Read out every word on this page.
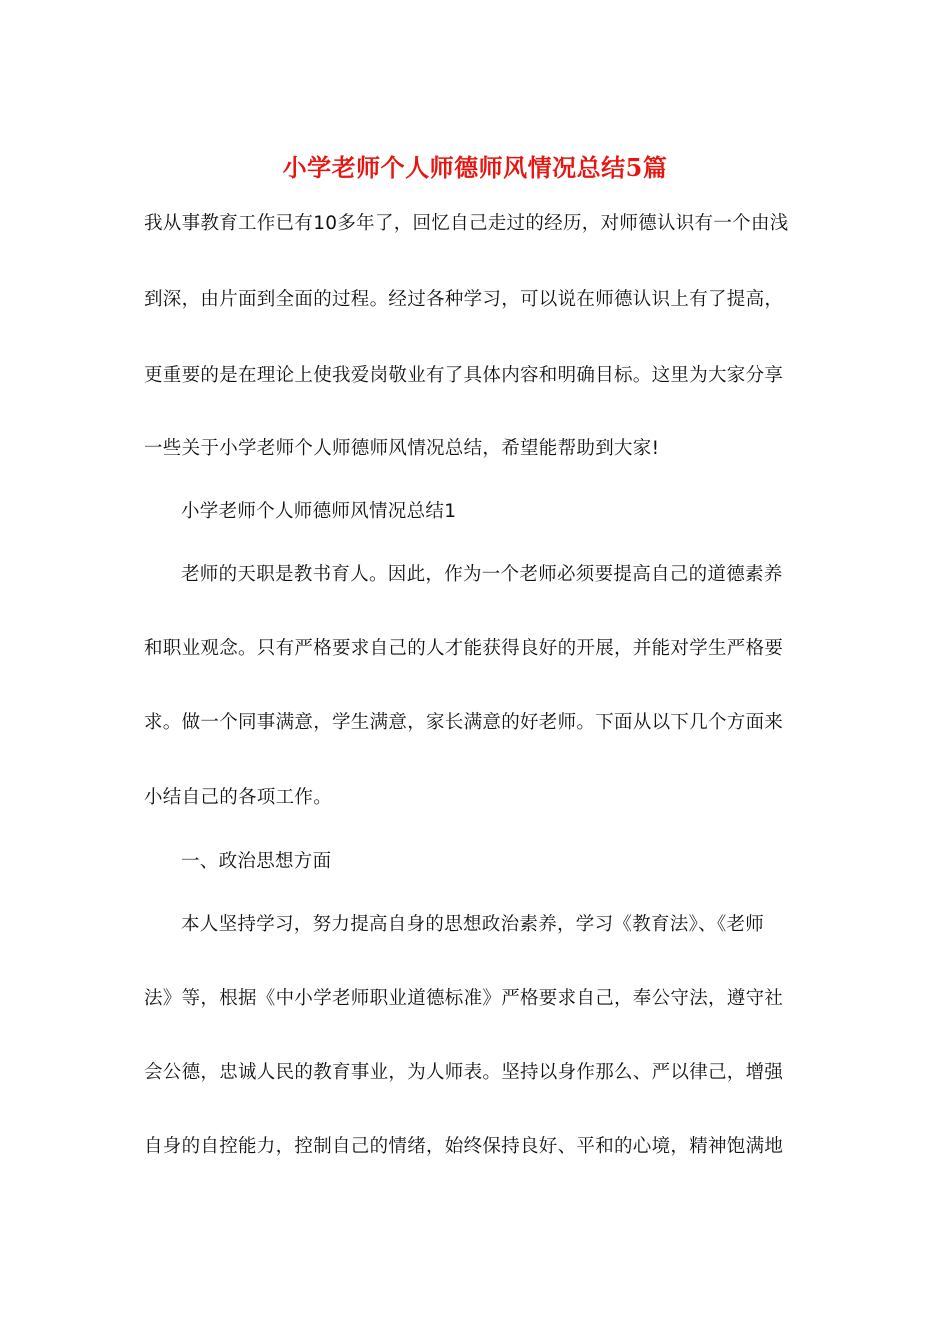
小学老师个人师德师风情况总结5篇
我从事教育工作已有10多年了，回忆自己走过的经历，对师德认识有一个由浅
到深，由片面到全面的过程。经过各种学习，可以说在师德认识上有了提高，
更重要的是在理论上使我爱岗敬业有了具体内容和明确目标。这里为大家分享
一些关于小学老师个人师德师风情况总结，希望能帮助到大家!
小学老师个人师德师风情况总结1
老师的天职是教书育人。因此，作为一个老师必须要提高自己的道德素养
和职业观念。只有严格要求自己的人才能获得良好的开展，并能对学生严格要
求。做一个同事满意，学生满意，家长满意的好老师。下面从以下几个方面来
小结自己的各项工作。
一、政治思想方面
本人坚持学习，努力提高自身的思想政治素养，学习《教育法》、《老师
法》等，根据《中小学老师职业道德标准》严格要求自己，奉公守法，遵守社
会公德，忠诚人民的教育事业，为人师表。坚持以身作那么、严以律己，增强
自身的自控能力，控制自己的情绪，始终保持良好、平和的心境，精神饱满地
